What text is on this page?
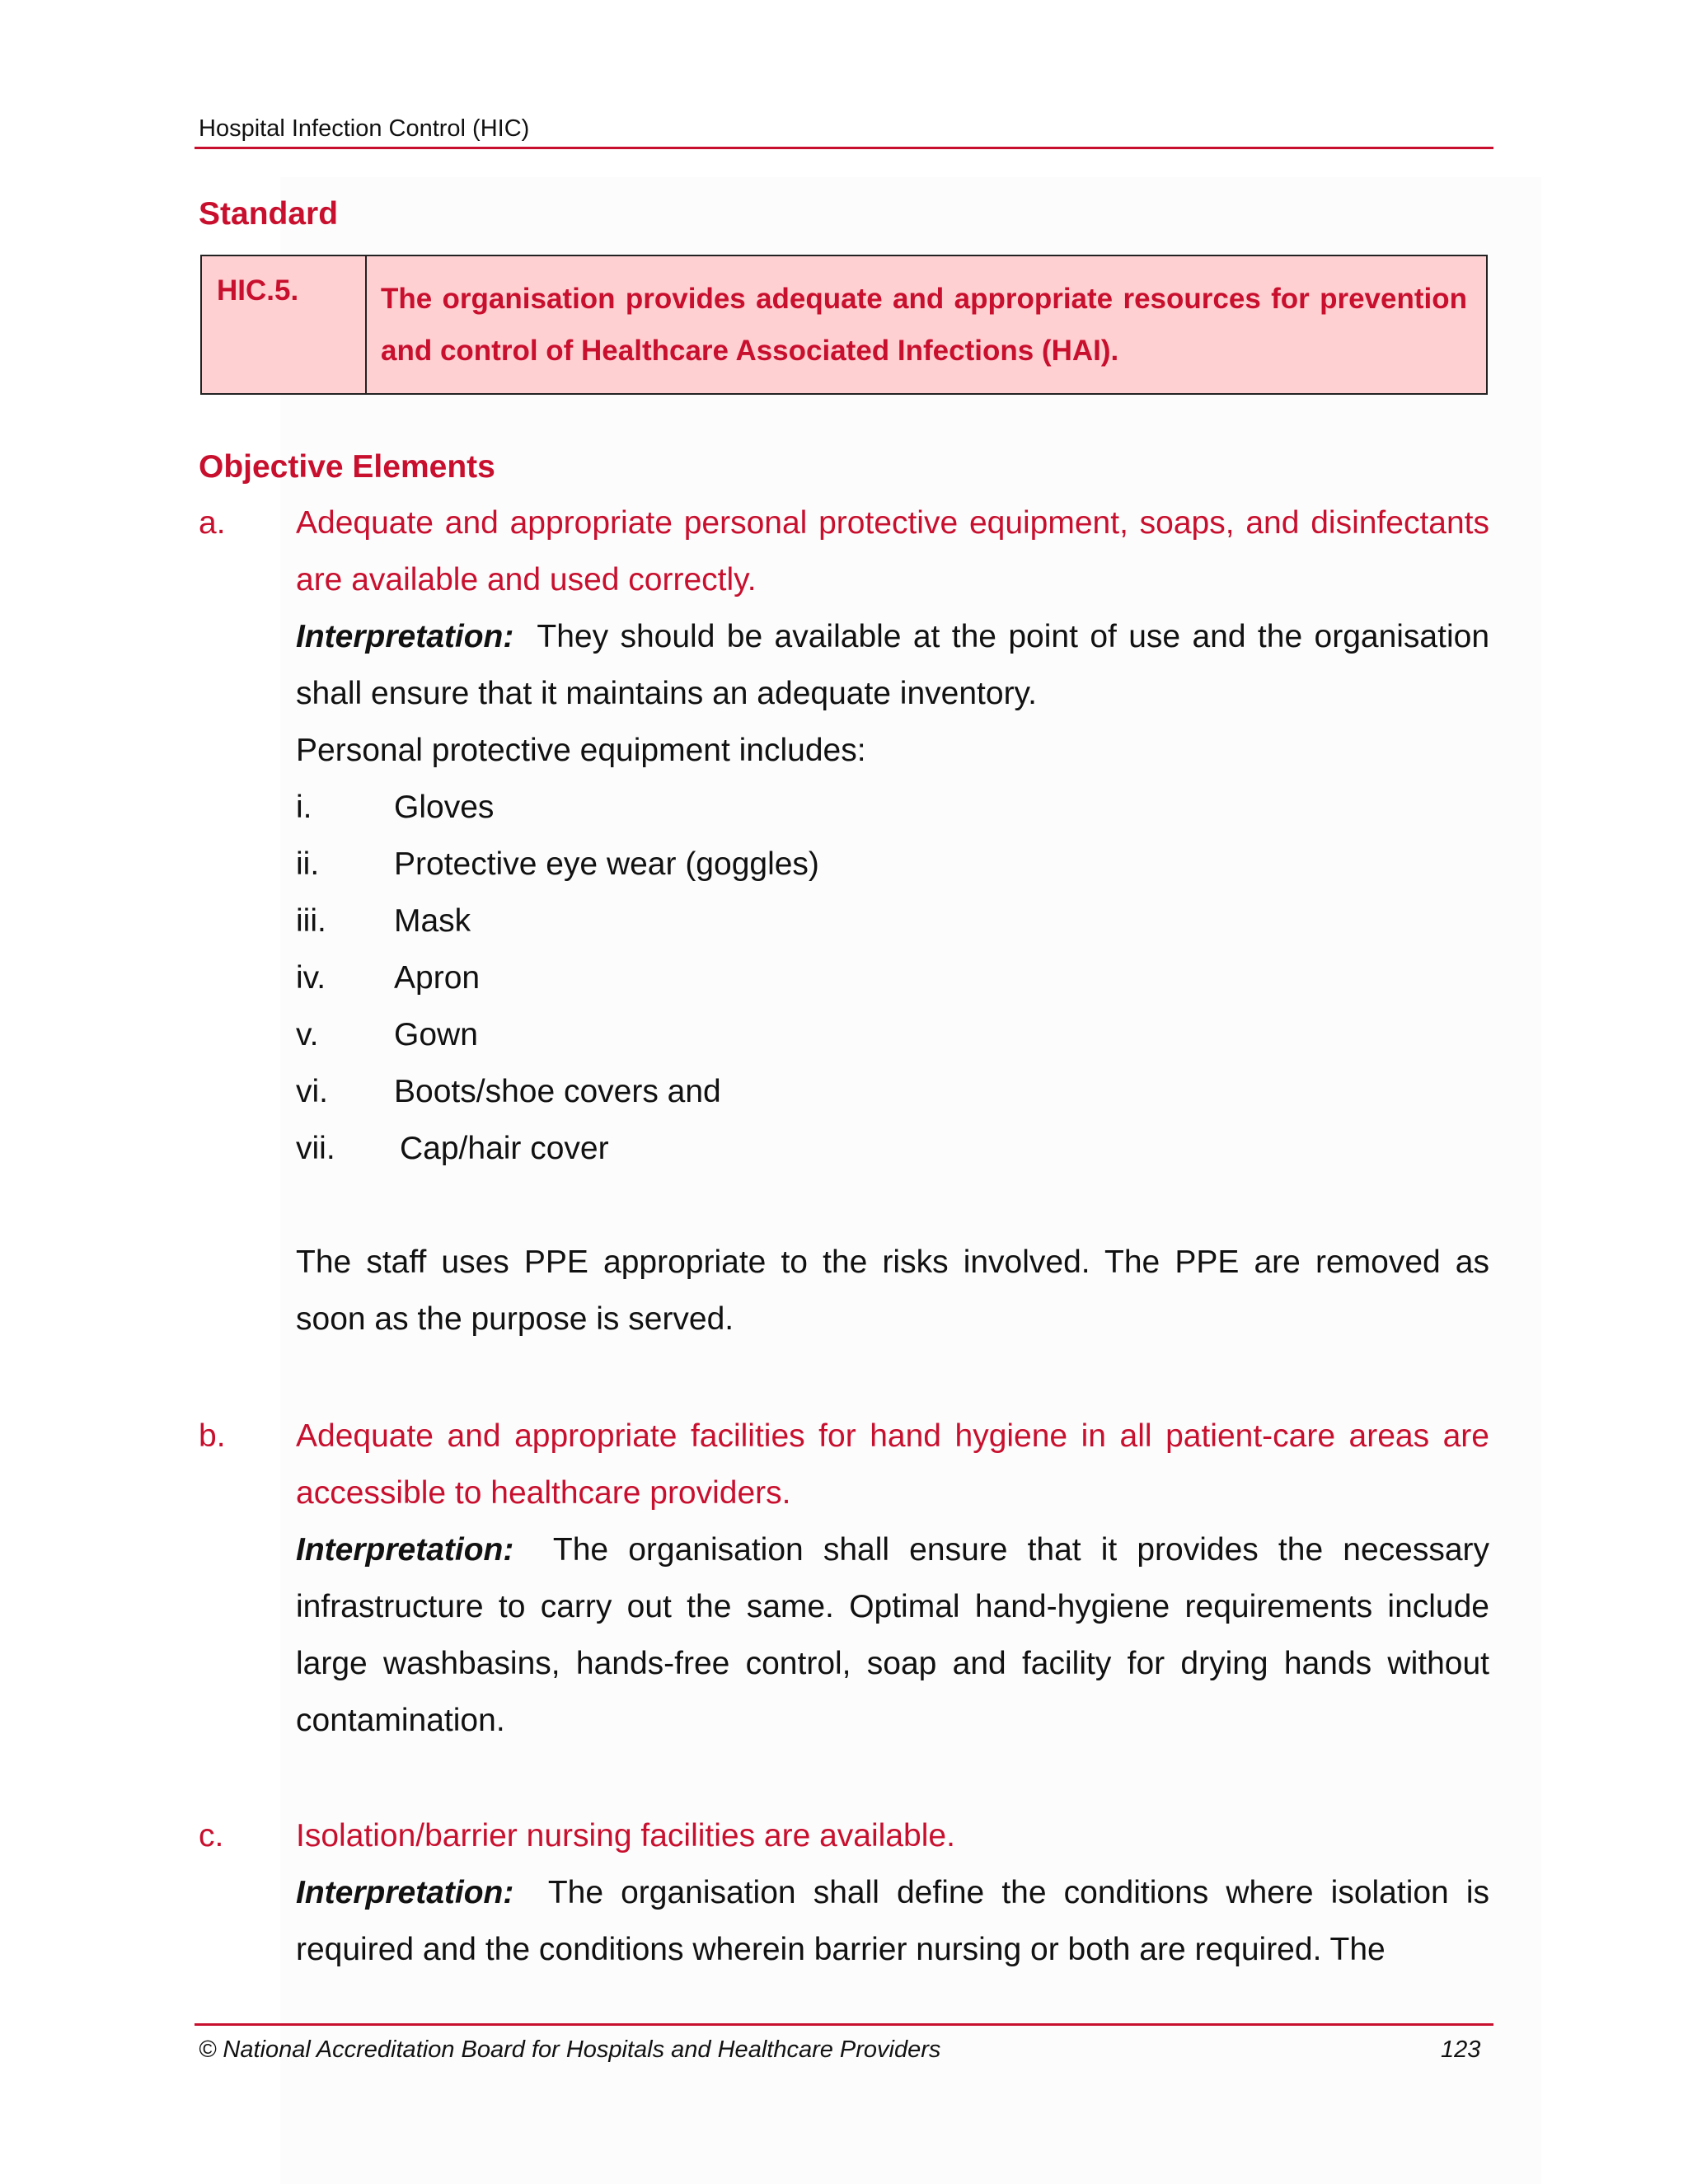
Hospital Infection Control (HIC)
Standard
HIC.5.	The organisation provides adequate and appropriate resources for prevention and control of Healthcare Associated Infections (HAI).
Objective Elements
a. Adequate and appropriate personal protective equipment, soaps, and disinfectants are available and used correctly.
Interpretation: They should be available at the point of use and the organisation shall ensure that it maintains an adequate inventory.
Personal protective equipment includes:
i.	Gloves
ii. Protective eye wear (goggles)
iii. Mask
iv. Apron
v. Gown
vi. Boots/shoe covers and
vii. Cap/hair cover
The staff uses PPE appropriate to the risks involved. The PPE are removed as soon as the purpose is served.
b. Adequate and appropriate facilities for hand hygiene in all patient-care areas are accessible to healthcare providers.
Interpretation: The organisation shall ensure that it provides the necessary infrastructure to carry out the same. Optimal hand-hygiene requirements include large washbasins, hands-free control, soap and facility for drying hands without contamination.
c. Isolation/barrier nursing facilities are available.
Interpretation: The organisation shall define the conditions where isolation is required and the conditions wherein barrier nursing or both are required. The
© National Accreditation Board for Hospitals and Healthcare Providers	123
